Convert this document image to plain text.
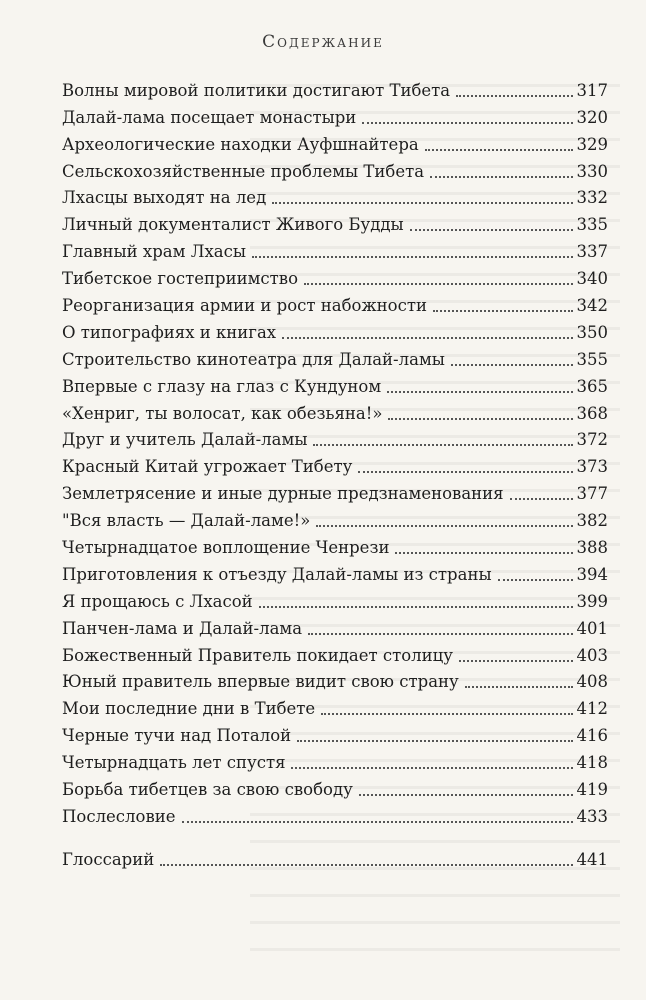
Содержание
Волны мировой политики достигают Тибета	317
Далай-лама посещает монастыри	320
Археологические находки Ауфшнайтера	329
Сельскохозяйственные проблемы Тибета	330
Лхасцы выходят на лед	332
Личный документалист Живого Будды	335
Главный храм Лхасы	337
Тибетское гостеприимство	340
Реорганизация армии и рост набожности	342
О типографиях и книгах	350
Строительство кинотеатра для Далай-ламы	355
Впервые с глазу на глаз с Кундуном	365
«Хенриг, ты волосат, как обезьяна!»	368
Друг и учитель Далай-ламы	372
Красный Китай угрожает Тибету	373
Землетрясение и иные дурные предзнаменования	377
"Вся власть — Далай-ламе!»	382
Четырнадцатое воплощение Ченрези	388
Приготовления к отъезду Далай-ламы из страны	394
Я прощаюсь с Лхасой	399
Панчен-лама и Далай-лама	401
Божественный Правитель покидает столицу	403
Юный правитель впервые видит свою страну	408
Мои последние дни в Тибете	412
Черные тучи над Поталой	416
Четырнадцать лет спустя	418
Борьба тибетцев за свою свободу	419
Послесловие	433
Глоссарий	441
